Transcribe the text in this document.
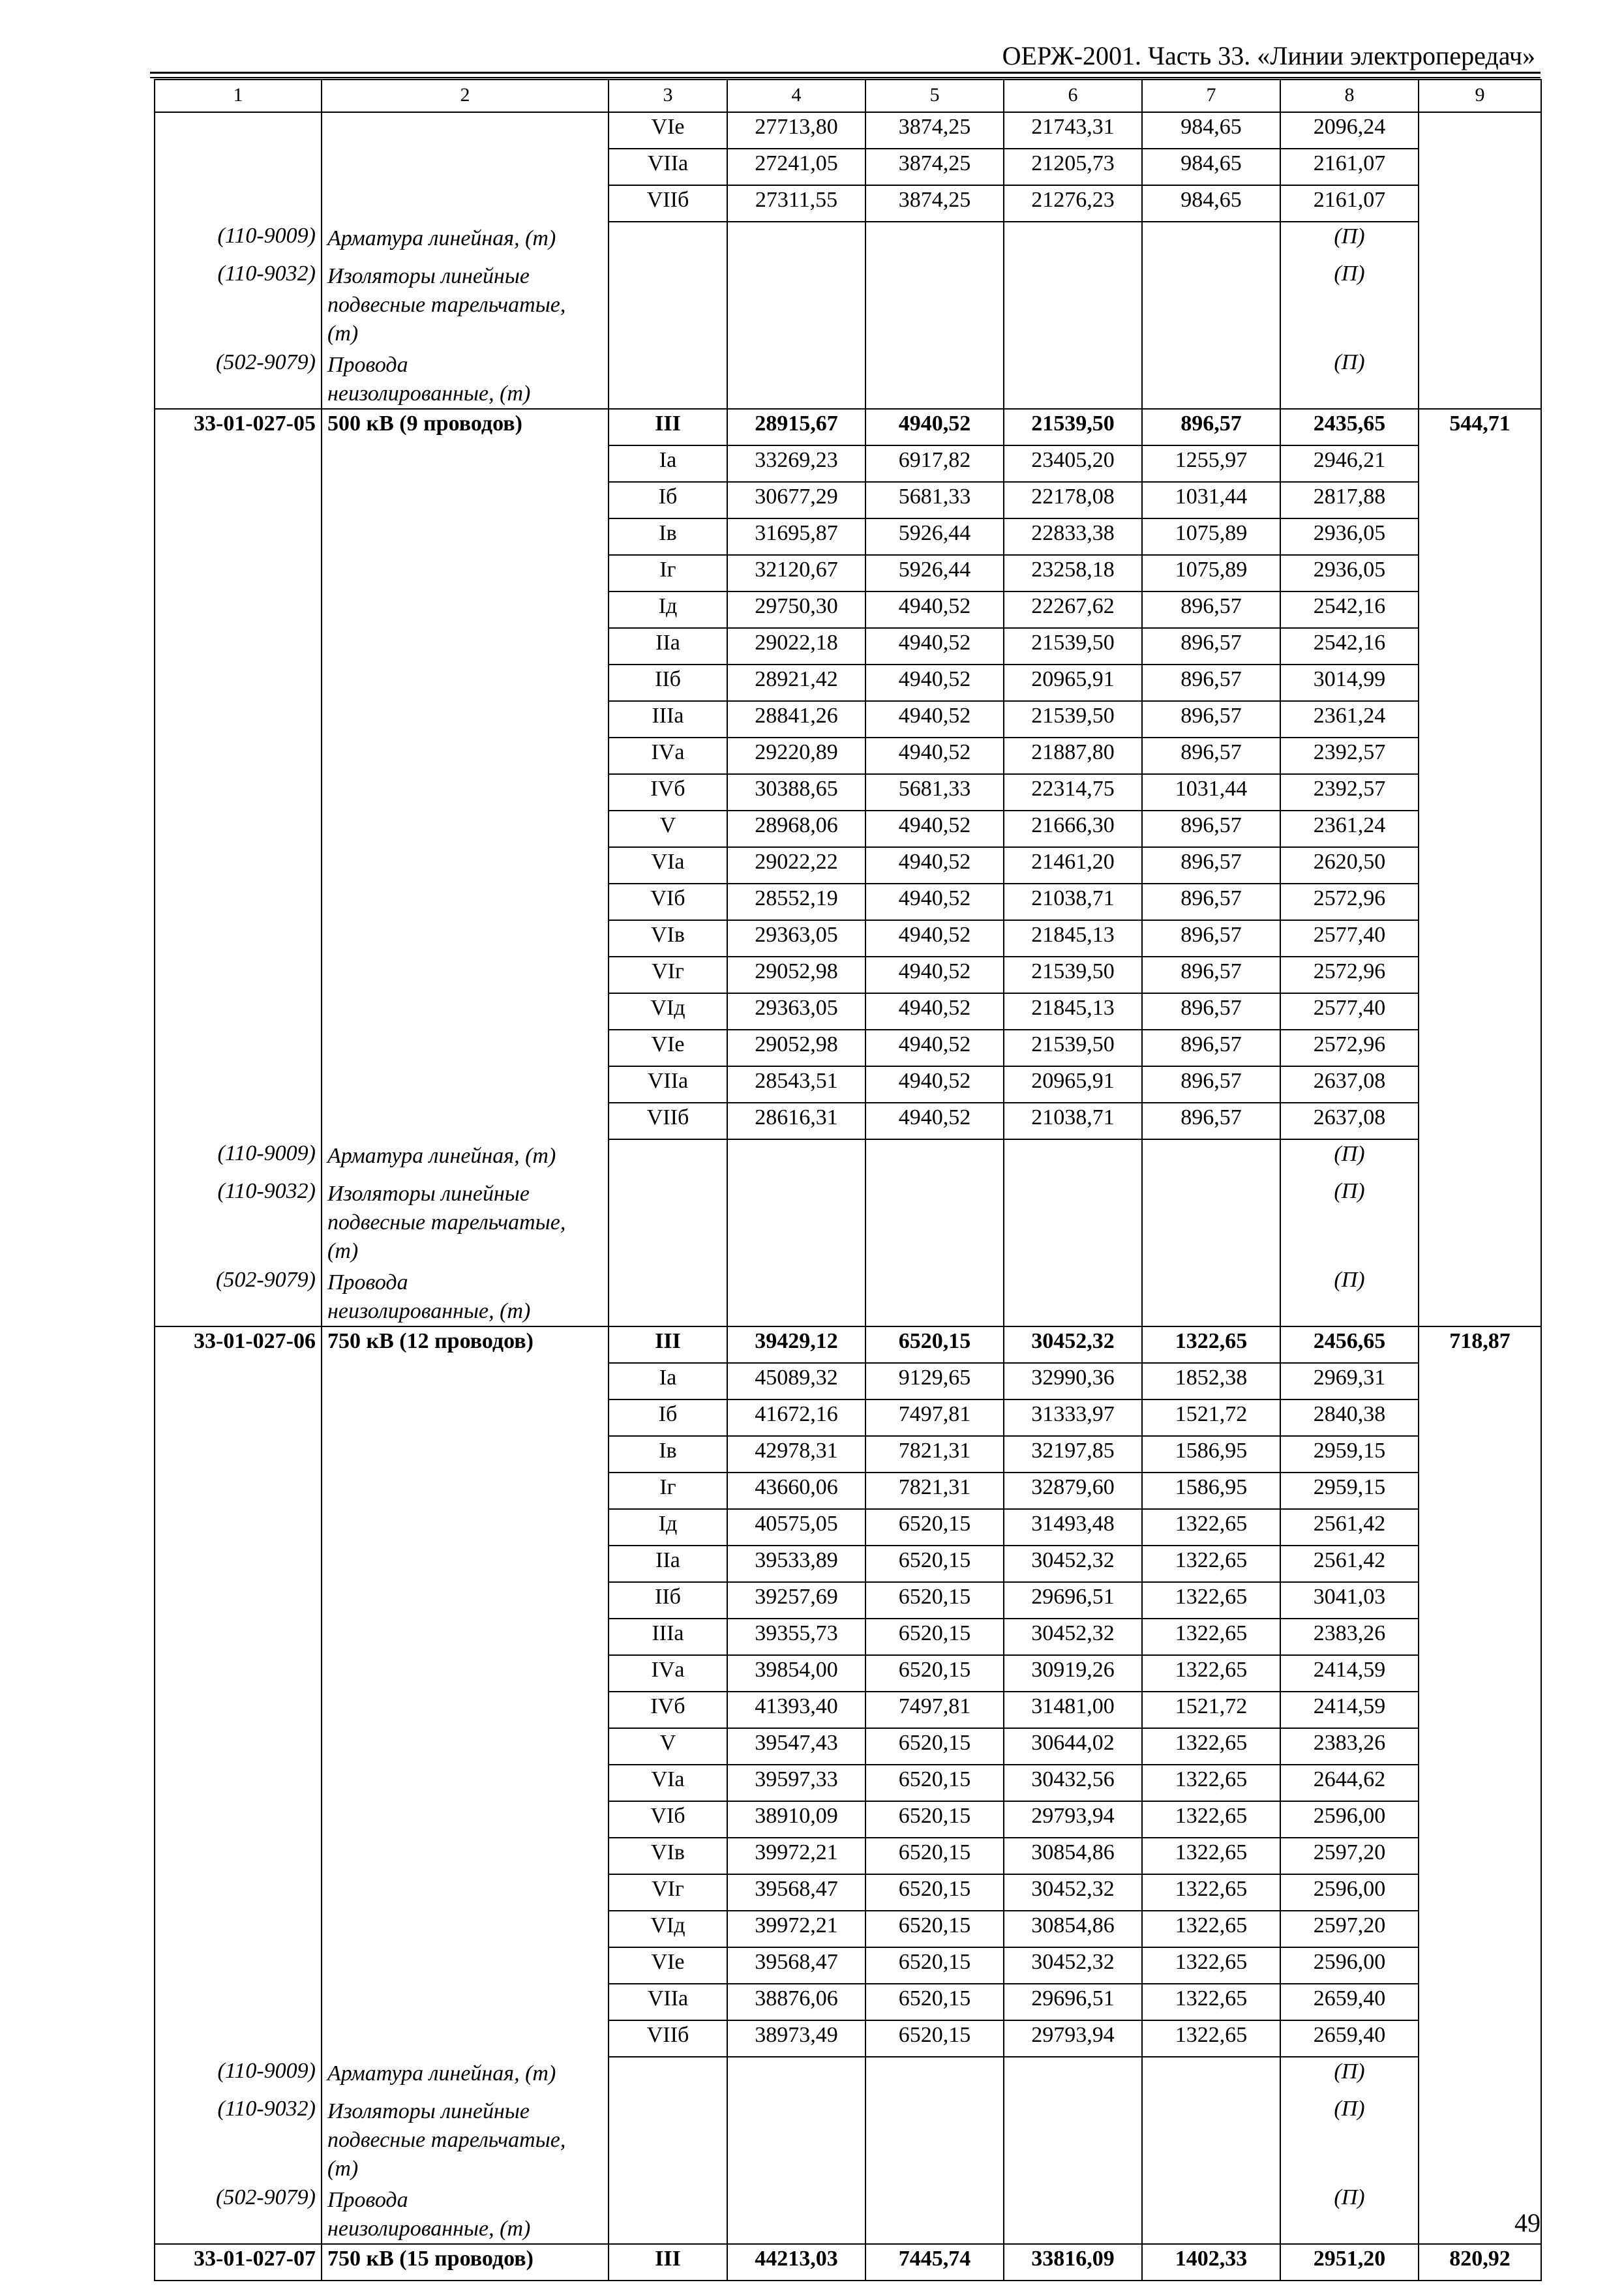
ОЕРЖ-2001. Часть 33. «Линии электропередач»
1	2	3	4	5	6	7	8	9
		VIе	27713,80	3874,25	21743,31	984,65	2096,24	
		VIIа	27241,05	3874,25	21205,73	984,65	2161,07	
		VIIб	27311,55	3874,25	21276,23	984,65	2161,07	
(110-9009)	Арматура линейная, (т)						(П)	
(110-9032)	Изоляторы линейные
подвесные тарельчатые,
(т)						(П)	
(502-9079)	Провода
неизолированные, (т)						(П)	
33-01-027-05	500 кВ (9 проводов)	III	28915,67	4940,52	21539,50	896,57	2435,65	544,71
		Iа	33269,23	6917,82	23405,20	1255,97	2946,21	
		Iб	30677,29	5681,33	22178,08	1031,44	2817,88	
		Iв	31695,87	5926,44	22833,38	1075,89	2936,05	
		Iг	32120,67	5926,44	23258,18	1075,89	2936,05	
		Iд	29750,30	4940,52	22267,62	896,57	2542,16	
		IIа	29022,18	4940,52	21539,50	896,57	2542,16	
		IIб	28921,42	4940,52	20965,91	896,57	3014,99	
		IIIа	28841,26	4940,52	21539,50	896,57	2361,24	
		IVа	29220,89	4940,52	21887,80	896,57	2392,57	
		IVб	30388,65	5681,33	22314,75	1031,44	2392,57	
		V	28968,06	4940,52	21666,30	896,57	2361,24	
		VIа	29022,22	4940,52	21461,20	896,57	2620,50	
		VIб	28552,19	4940,52	21038,71	896,57	2572,96	
		VIв	29363,05	4940,52	21845,13	896,57	2577,40	
		VIг	29052,98	4940,52	21539,50	896,57	2572,96	
		VIд	29363,05	4940,52	21845,13	896,57	2577,40	
		VIе	29052,98	4940,52	21539,50	896,57	2572,96	
		VIIа	28543,51	4940,52	20965,91	896,57	2637,08	
		VIIб	28616,31	4940,52	21038,71	896,57	2637,08	
(110-9009)	Арматура линейная, (т)						(П)	
(110-9032)	Изоляторы линейные
подвесные тарельчатые,
(т)						(П)	
(502-9079)	Провода
неизолированные, (т)						(П)	
33-01-027-06	750 кВ (12 проводов)	III	39429,12	6520,15	30452,32	1322,65	2456,65	718,87
		Iа	45089,32	9129,65	32990,36	1852,38	2969,31	
		Iб	41672,16	7497,81	31333,97	1521,72	2840,38	
		Iв	42978,31	7821,31	32197,85	1586,95	2959,15	
		Iг	43660,06	7821,31	32879,60	1586,95	2959,15	
		Iд	40575,05	6520,15	31493,48	1322,65	2561,42	
		IIа	39533,89	6520,15	30452,32	1322,65	2561,42	
		IIб	39257,69	6520,15	29696,51	1322,65	3041,03	
		IIIа	39355,73	6520,15	30452,32	1322,65	2383,26	
		IVа	39854,00	6520,15	30919,26	1322,65	2414,59	
		IVб	41393,40	7497,81	31481,00	1521,72	2414,59	
		V	39547,43	6520,15	30644,02	1322,65	2383,26	
		VIа	39597,33	6520,15	30432,56	1322,65	2644,62	
		VIб	38910,09	6520,15	29793,94	1322,65	2596,00	
		VIв	39972,21	6520,15	30854,86	1322,65	2597,20	
		VIг	39568,47	6520,15	30452,32	1322,65	2596,00	
		VIд	39972,21	6520,15	30854,86	1322,65	2597,20	
		VIе	39568,47	6520,15	30452,32	1322,65	2596,00	
		VIIа	38876,06	6520,15	29696,51	1322,65	2659,40	
		VIIб	38973,49	6520,15	29793,94	1322,65	2659,40	
(110-9009)	Арматура линейная, (т)						(П)	
(110-9032)	Изоляторы линейные
подвесные тарельчатые,
(т)						(П)	
(502-9079)	Провода
неизолированные, (т)						(П)	
33-01-027-07	750 кВ (15 проводов)	III	44213,03	7445,74	33816,09	1402,33	2951,20	820,92
49
